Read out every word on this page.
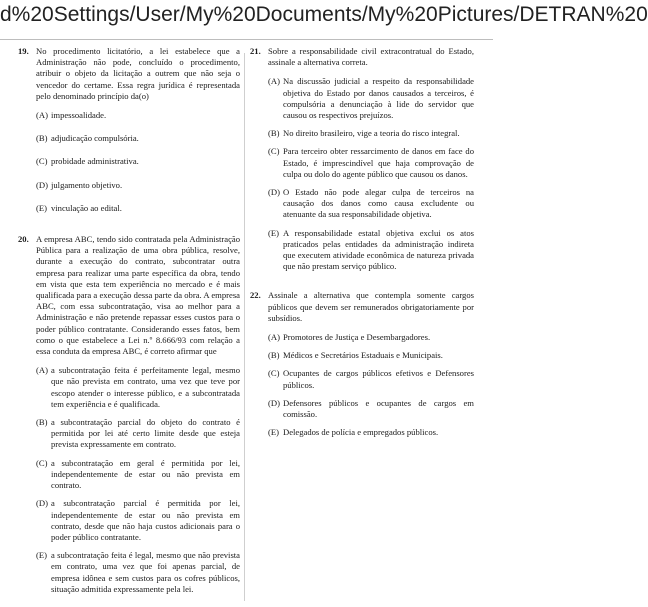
d%20Settings/User/My%20Documents/My%20Pictures/DETRAN%20
19. No procedimento licitatório, a lei estabelece que a Administração não pode, concluído o procedimento, atribuir o objeto da licitação a outrem que não seja o vencedor do certame. Essa regra jurídica é representada pelo denominado princípio da(o)
(A) impessoalidade.
(B) adjudicação compulsória.
(C) probidade administrativa.
(D) julgamento objetivo.
(E) vinculação ao edital.
20. A empresa ABC, tendo sido contratada pela Administração Pública para a realização de uma obra pública, resolve, durante a execução do contrato, subcontratar outra empresa para realizar uma parte específica da obra, tendo em vista que esta tem experiência no mercado e é mais qualificada para a execução dessa parte da obra. A empresa ABC, com essa subcontratação, visa ao melhor para a Administração e não pretende repassar esses custos para o poder público contratante. Considerando esses fatos, bem como o que estabelece a Lei n.º 8.666/93 com relação a essa conduta da empresa ABC, é correto afirmar que
(A) a subcontratação feita é perfeitamente legal, mesmo que não prevista em contrato, uma vez que teve por escopo atender o interesse público, e a subcontratada tem experiência e é qualificada.
(B) a subcontratação parcial do objeto do contrato é permitida por lei até certo limite desde que esteja prevista expressamente em contrato.
(C) a subcontratação em geral é permitida por lei, independentemente de estar ou não prevista em contrato.
(D) a subcontratação parcial é permitida por lei, independentemente de estar ou não prevista em contrato, desde que não haja custos adicionais para o poder público contratante.
(E) a subcontratação feita é legal, mesmo que não prevista em contrato, uma vez que foi apenas parcial, de empresa idônea e sem custos para os cofres públicos, situação admitida expressamente pela lei.
21. Sobre a responsabilidade civil extracontratual do Estado, assinale a alternativa correta.
(A) Na discussão judicial a respeito da responsabilidade objetiva do Estado por danos causados a terceiros, é compulsória a denunciação à lide do servidor que causou os respectivos prejuízos.
(B) No direito brasileiro, vige a teoria do risco integral.
(C) Para terceiro obter ressarcimento de danos em face do Estado, é imprescindível que haja comprovação de culpa ou dolo do agente público que causou os danos.
(D) O Estado não pode alegar culpa de terceiros na causação dos danos como causa excludente ou atenuante da sua responsabilidade objetiva.
(E) A responsabilidade estatal objetiva exclui os atos praticados pelas entidades da administração indireta que executem atividade econômica de natureza privada que não prestam serviço público.
22. Assinale a alternativa que contempla somente cargos públicos que devem ser remunerados obrigatoriamente por subsídios.
(A) Promotores de Justiça e Desembargadores.
(B) Médicos e Secretários Estaduais e Municipais.
(C) Ocupantes de cargos públicos efetivos e Defensores públicos.
(D) Defensores públicos e ocupantes de cargos em comissão.
(E) Delegados de polícia e empregados públicos.
